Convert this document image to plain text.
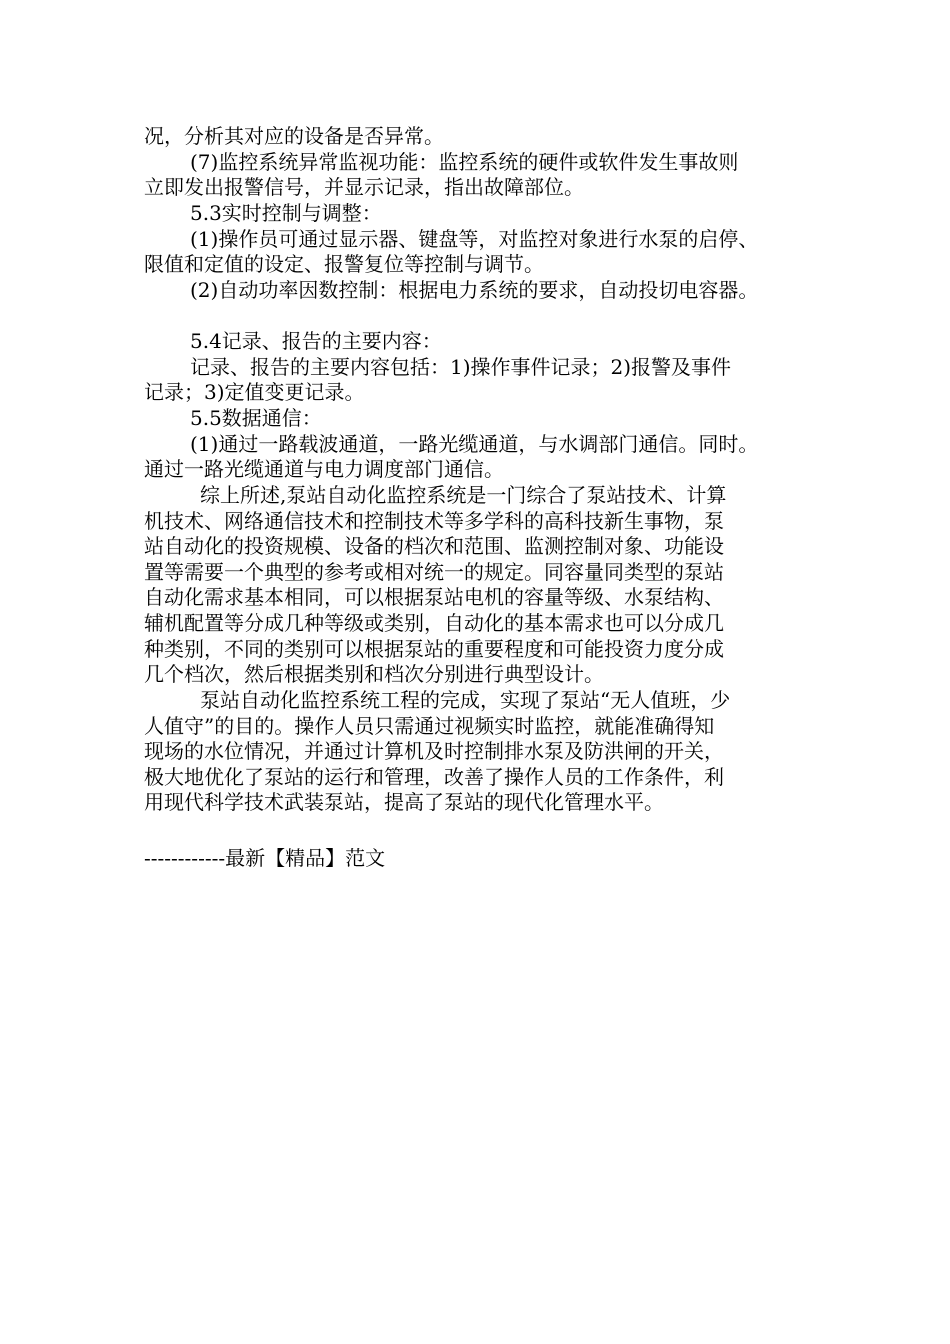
况，分析其对应的设备是否异常。
(7)监控系统异常监视功能：监控系统的硬件或软件发生事故则
立即发出报警信号，并显示记录，指出故障部位。
5.3实时控制与调整：
(1)操作员可通过显示器、键盘等，对监控对象进行水泵的启停、
限值和定值的设定、报警复位等控制与调节。
(2)自动功率因数控制：根据电力系统的要求，自动投切电容器。
5.4记录、报告的主要内容：
记录、报告的主要内容包括：1)操作事件记录；2)报警及事件
记录；3)定值变更记录。
5.5数据通信：
(1)通过一路载波通道，一路光缆通道，与水调部门通信。同时。
通过一路光缆通道与电力调度部门通信。
综上所述,泵站自动化监控系统是一门综合了泵站技术、计算
机技术、网络通信技术和控制技术等多学科的高科技新生事物，泵
站自动化的投资规模、设备的档次和范围、监测控制对象、功能设
置等需要一个典型的参考或相对统一的规定。同容量同类型的泵站
自动化需求基本相同，可以根据泵站电机的容量等级、水泵结构、
辅机配置等分成几种等级或类别，自动化的基本需求也可以分成几
种类别，不同的类别可以根据泵站的重要程度和可能投资力度分成
几个档次，然后根据类别和档次分别进行典型设计。
泵站自动化监控系统工程的完成，实现了泵站“无人值班，少
人值守”的目的。操作人员只需通过视频实时监控，就能准确得知
现场的水位情况，并通过计算机及时控制排水泵及防洪闸的开关，
极大地优化了泵站的运行和管理，改善了操作人员的工作条件，利
用现代科学技术武装泵站，提高了泵站的现代化管理水平。
------------最新【精品】范文
